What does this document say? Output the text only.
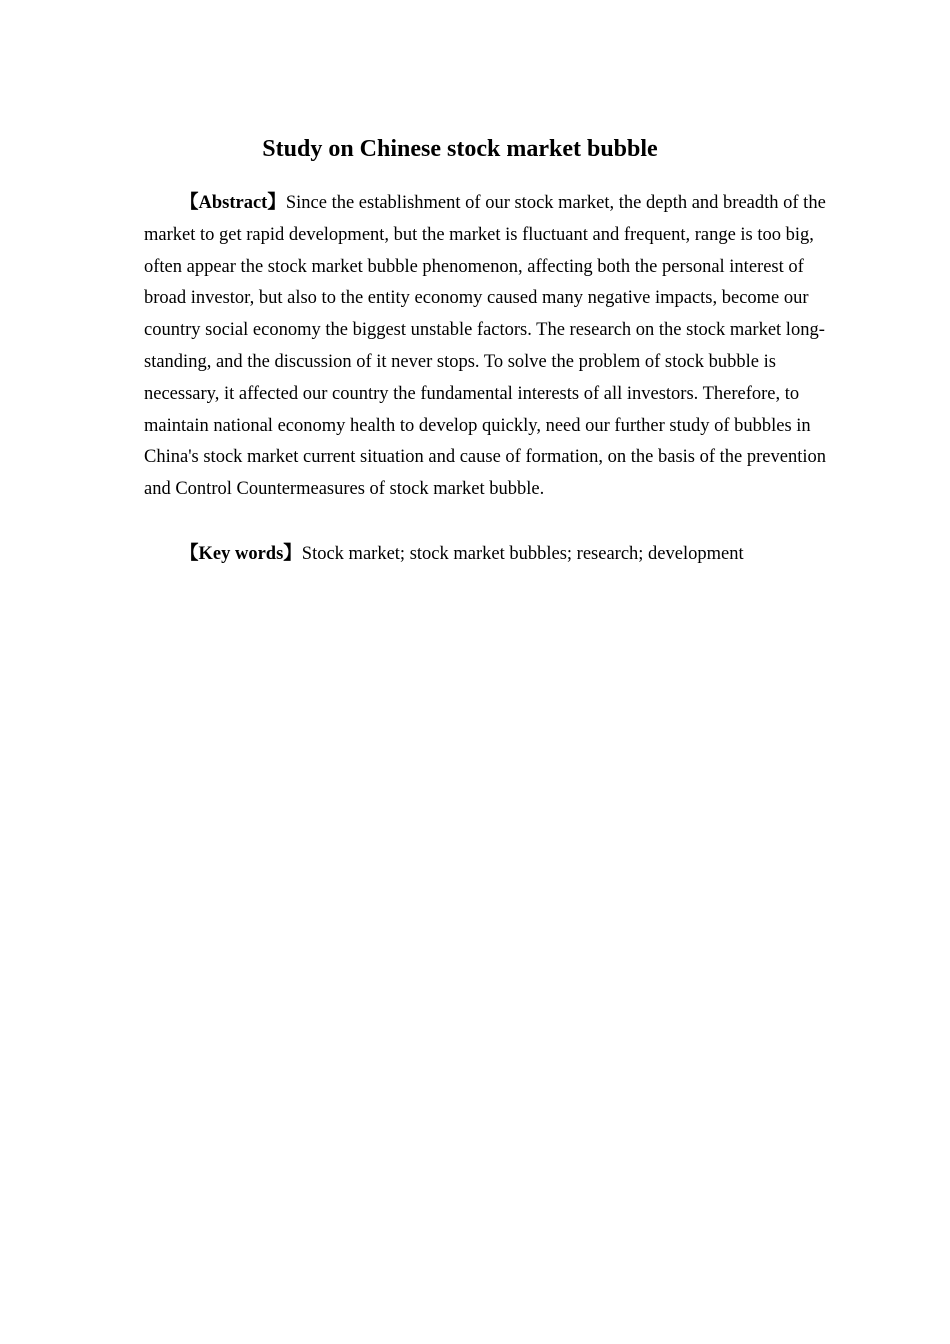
Study on Chinese stock market bubble

【Abstract】Since the establishment of our stock market, the depth and breadth of the market to get rapid development, but the market is fluctuant and frequent, range is too big, often appear the stock market bubble phenomenon, affecting both the personal interest of broad investor, but also to the entity economy caused many negative impacts, become our country social economy the biggest unstable factors. The research on the stock market long-standing, and the discussion of it never stops. To solve the problem of stock bubble is necessary, it affected our country the fundamental interests of all investors. Therefore, to maintain national economy health to develop quickly, need our further study of bubbles in China's stock market current situation and cause of formation, on the basis of the prevention and Control Countermeasures of stock market bubble.

【Key words】Stock market; stock market bubbles; research; development
